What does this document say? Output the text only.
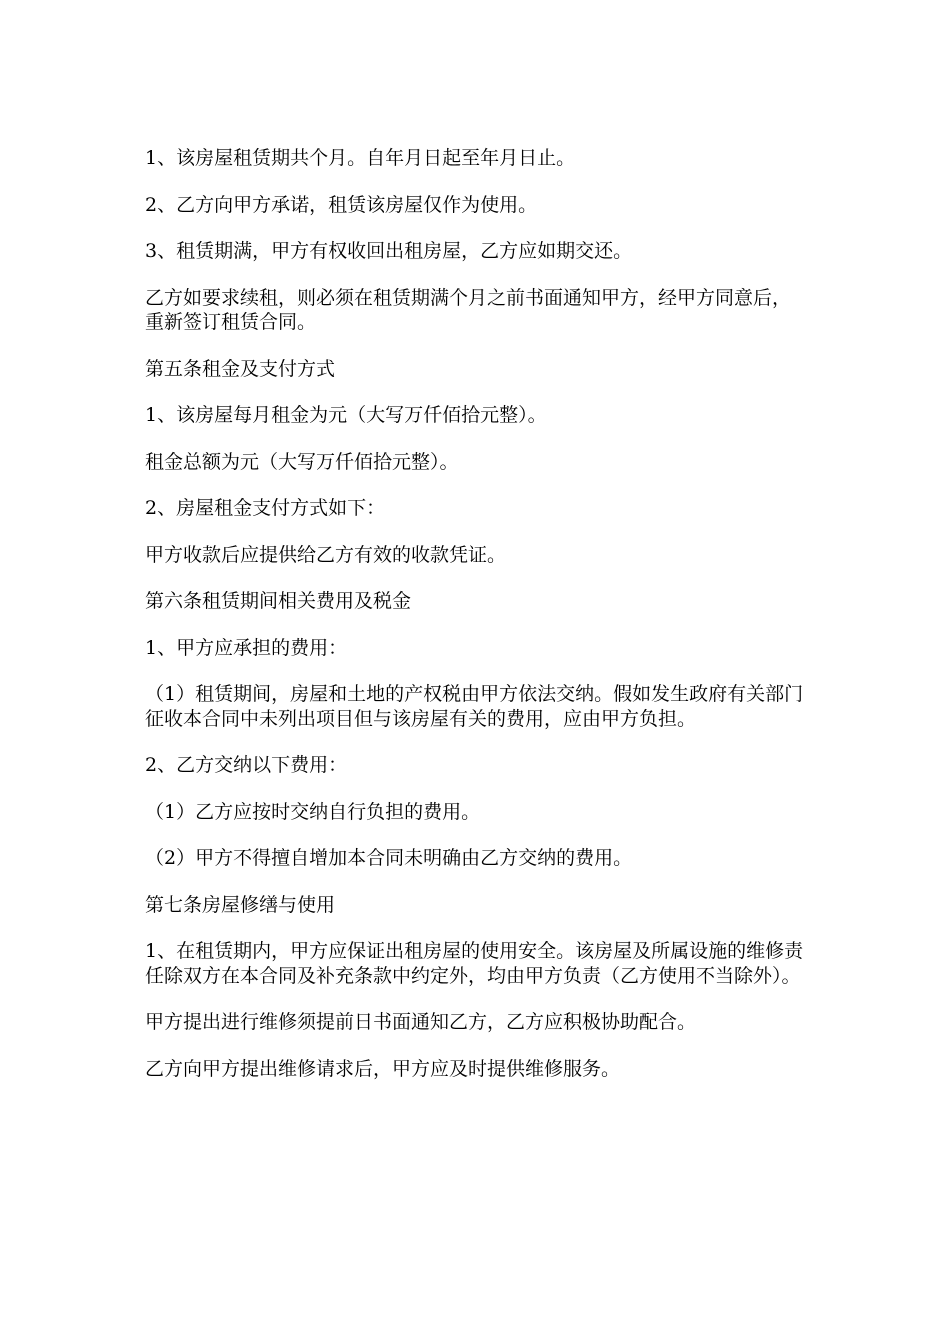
1、该房屋租赁期共个月。自年月日起至年月日止。

2、乙方向甲方承诺，租赁该房屋仅作为使用。

3、租赁期满，甲方有权收回出租房屋，乙方应如期交还。

乙方如要求续租，则必须在租赁期满个月之前书面通知甲方，经甲方同意后，重新签订租赁合同。

第五条租金及支付方式

1、该房屋每月租金为元（大写万仟佰拾元整）。

租金总额为元（大写万仟佰拾元整）。

2、房屋租金支付方式如下：

甲方收款后应提供给乙方有效的收款凭证。

第六条租赁期间相关费用及税金

1、甲方应承担的费用：

（1）租赁期间，房屋和土地的产权税由甲方依法交纳。假如发生政府有关部门征收本合同中未列出项目但与该房屋有关的费用，应由甲方负担。

2、乙方交纳以下费用：

（1）乙方应按时交纳自行负担的费用。

（2）甲方不得擅自增加本合同未明确由乙方交纳的费用。

第七条房屋修缮与使用

1、在租赁期内，甲方应保证出租房屋的使用安全。该房屋及所属设施的维修责任除双方在本合同及补充条款中约定外，均由甲方负责（乙方使用不当除外）。

甲方提出进行维修须提前日书面通知乙方，乙方应积极协助配合。

乙方向甲方提出维修请求后，甲方应及时提供维修服务。
